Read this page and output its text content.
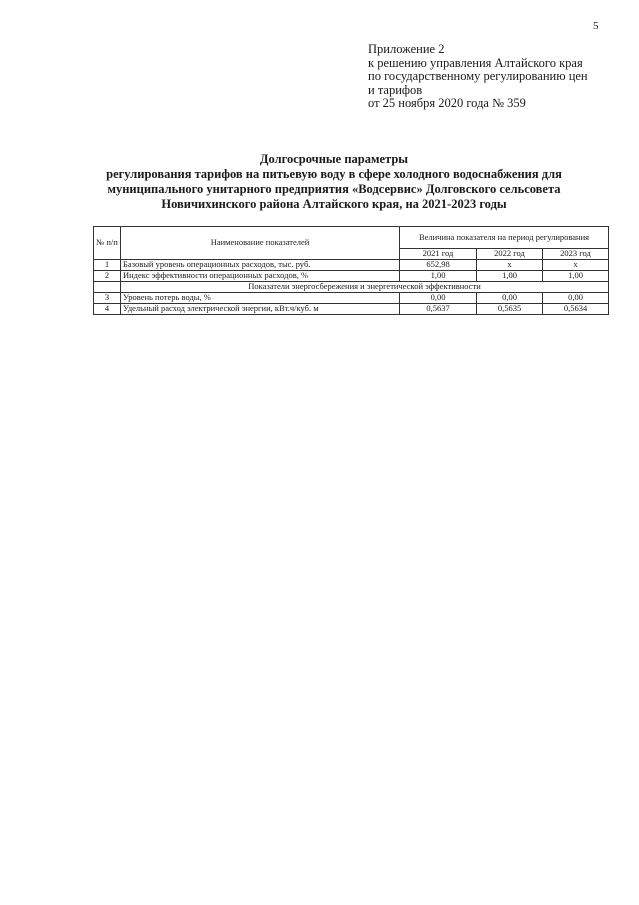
5
Приложение 2
к решению управления Алтайского края
по государственному регулированию цен
и тарифов
от 25 ноября 2020 года № 359
Долгосрочные параметры
регулирования тарифов на питьевую воду в сфере холодного водоснабжения для
муниципального унитарного предприятия «Водсервис» Долговского сельсовета
Новичихинского района Алтайского края, на 2021-2023 годы
№ п/п	Наименование показателей	Величина показателя на период регулирования		
		2021 год	2022 год	2023 год
1	Базовый уровень операционных расходов, тыс. руб.	652,98	х	х
2	Индекс эффективности операционных расходов, %	1,00	1,00	1,00
	Показатели энергосбережения и энергетической эффективности			
3	Уровень потерь воды, %	0,00	0,00	0,00
4	Удельный расход электрической энергии, кВт.ч/куб. м	0,5637	0,5635	0,5634
